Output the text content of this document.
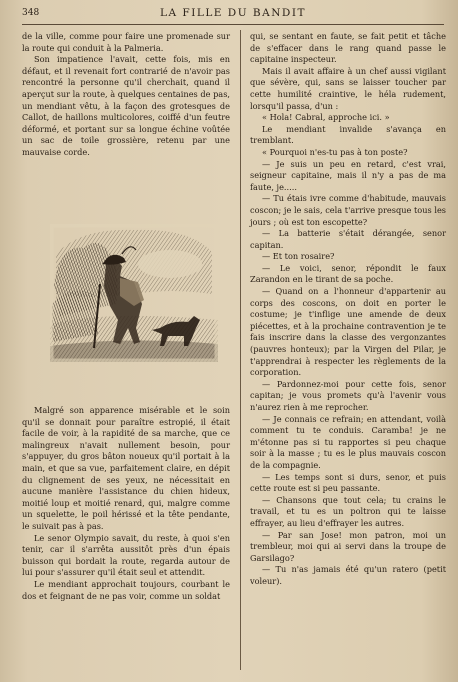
348	LA FILLE DU BANDIT

de la ville, comme pour faire une promenade sur la route qui conduit à la Palmeria.

Son impatience l'avait, cette fois, mis en défaut, et il revenait fort contrarié de n'avoir pas rencontré la personne qu'il cherchait, quand il aperçut sur la route, à quelques centaines de pas, un mendiant vêtu, à la façon des grotesques de Callot, de haillons multicolores, coiffé d'un feutre déformé, et portant sur sa longue échine voûtée un sac de toile grossière, retenu par une mauvaise corde.

Malgré son apparence misérable et le soin qu'il se donnait pour paraître estropié, il était facile de voir, à la rapidité de sa marche, que ce malingreux n'avait nullement besoin, pour s'appuyer, du gros bâton noueux qu'il portait à la main, et que sa vue, parfaitement claire, en dépit du clignement de ses yeux, ne nécessitait en aucune manière l'assistance du chien hideux, moitié loup et moitié renard, qui, malgre comme un squelette, le poil hérissé et la tête pendante, le suivait pas à pas.

Le senor Olympio savait, du reste, à quoi s'en tenir, car il s'arrêta aussitôt près d'un épais buisson qui bordait la route, regarda autour de lui pour s'assurer qu'il était seul et attendit.

Le mendiant approchait toujours, courbant le dos et feignant de ne pas voir, comme un soldat

qui, se sentant en faute, se fait petit et tâche de s'effacer dans le rang quand passe le capitaine inspecteur.

Mais il avait affaire à un chef aussi vigilant que sévère, qui, sans se laisser toucher par cette humilité craintive, le héla rudement, lorsqu'il passa, d'un :

« Hola! Cabral, approche ici. »

Le mendiant invalide s'avança en tremblant.

« Pourquoi n'es-tu pas à ton poste?

— Je suis un peu en retard, c'est vrai, seigneur capitaine, mais il n'y a pas de ma faute, je.....

— Tu étais ivre comme d'habitude, mauvais coscon; je le sais, cela t'arrive presque tous les jours ; où est ton escopette?

— La batterie s'était dérangée, senor capitan.

— Et ton rosaire?

— Le voici, senor, répondit le faux Zarandon en le tirant de sa poche.

— Quand on a l'honneur d'appartenir au corps des coscons, on doit en porter le costume; je t'inflige une amende de deux piécettes, et à la prochaine contravention je te fais inscrire dans la classe des vergonzantes (pauvres honteux); par la Virgen del Pilar, je t'apprendrai à respecter les règlements de la corporation.

— Pardonnez-moi pour cette fois, senor capitan; je vous promets qu'à l'avenir vous n'aurez rien à me reprocher.

— Je connais ce refrain; en attendant, voilà comment tu te conduis. Caramba! je ne m'étonne pas si tu rapportes si peu chaque soir à la masse ; tu es le plus mauvais coscon de la compagnie.

— Les temps sont si durs, senor, et puis cette route est si peu passante.

— Chansons que tout cela; tu crains le travail, et tu es un poltron qui te laisse effrayer, au lieu d'effrayer les autres.

— Par san Jose! mon patron, moi un trembleur, moi qui ai servi dans la troupe de Garsilago?

— Tu n'as jamais été qu'un ratero (petit voleur).
